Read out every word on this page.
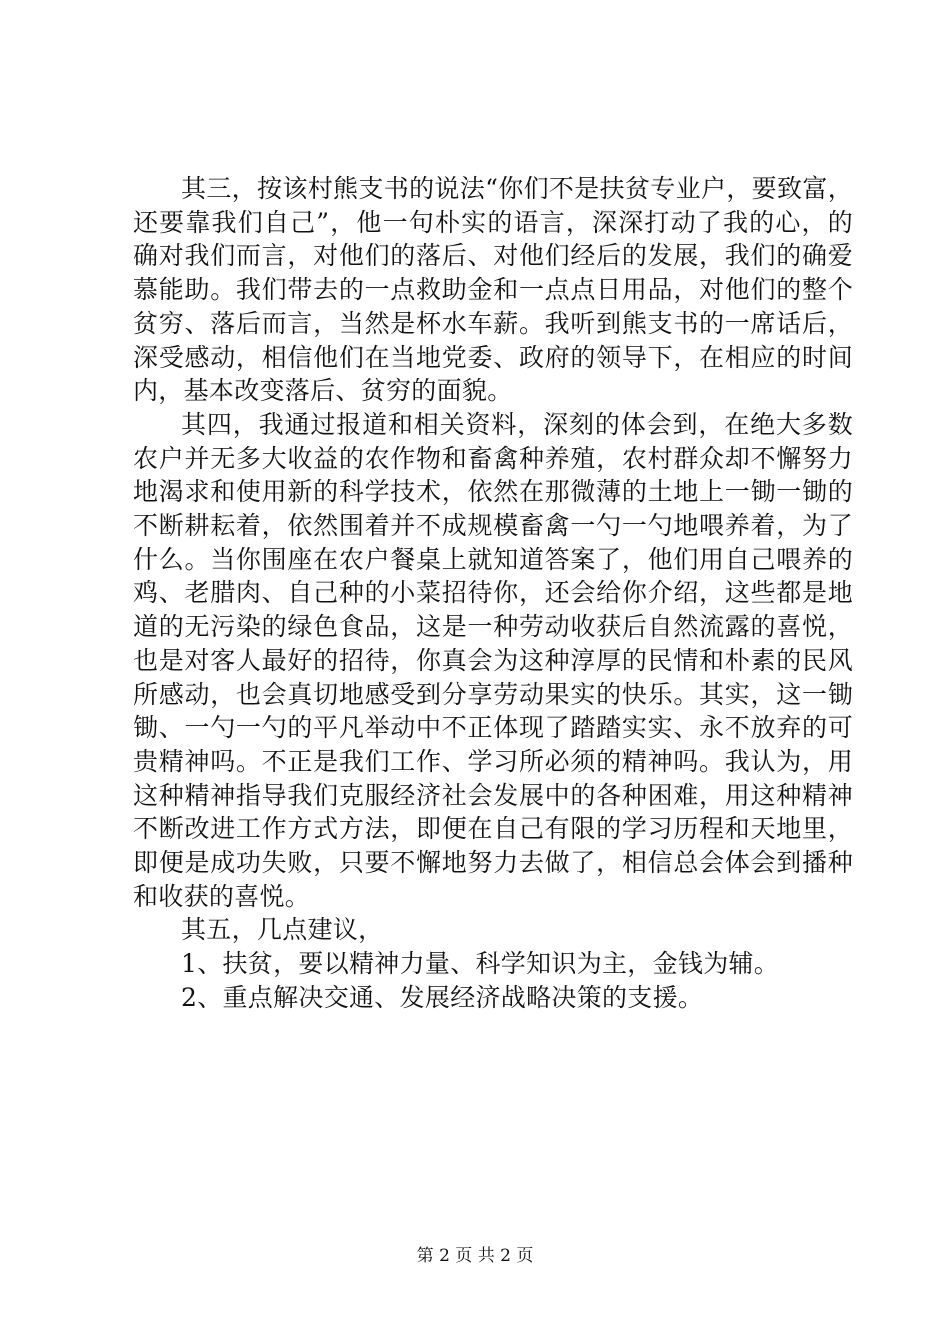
其三，按该村熊支书的说法“你们不是扶贫专业户，要致富，还要靠我们自己”，他一句朴实的语言，深深打动了我的心，的确对我们而言，对他们的落后、对他们经后的发展，我们的确爱慕能助。我们带去的一点救助金和一点点日用品，对他们的整个贫穷、落后而言，当然是杯水车薪。我听到熊支书的一席话后，深受感动，相信他们在当地党委、政府的领导下，在相应的时间内，基本改变落后、贫穷的面貌。

其四，我通过报道和相关资料，深刻的体会到，在绝大多数农户并无多大收益的农作物和畜禽种养殖，农村群众却不懈努力地渴求和使用新的科学技术，依然在那微薄的土地上一锄一锄的不断耕耘着，依然围着并不成规模畜禽一勺一勺地喂养着，为了什么。当你围座在农户餐桌上就知道答案了，他们用自己喂养的鸡、老腊肉、自己种的小菜招待你，还会给你介绍，这些都是地道的无污染的绿色食品，这是一种劳动收获后自然流露的喜悦，也是对客人最好的招待，你真会为这种淳厚的民情和朴素的民风所感动，也会真切地感受到分享劳动果实的快乐。其实，这一锄锄、一勺一勺的平凡举动中不正体现了踏踏实实、永不放弃的可贵精神吗。不正是我们工作、学习所必须的精神吗。我认为，用这种精神指导我们克服经济社会发展中的各种困难，用这种精神不断改进工作方式方法，即便在自己有限的学习历程和天地里，即便是成功失败，只要不懈地努力去做了，相信总会体会到播种和收获的喜悦。

其五，几点建议，

1、扶贫，要以精神力量、科学知识为主，金钱为辅。

2、重点解决交通、发展经济战略决策的支援。

第 2 页 共 2 页
